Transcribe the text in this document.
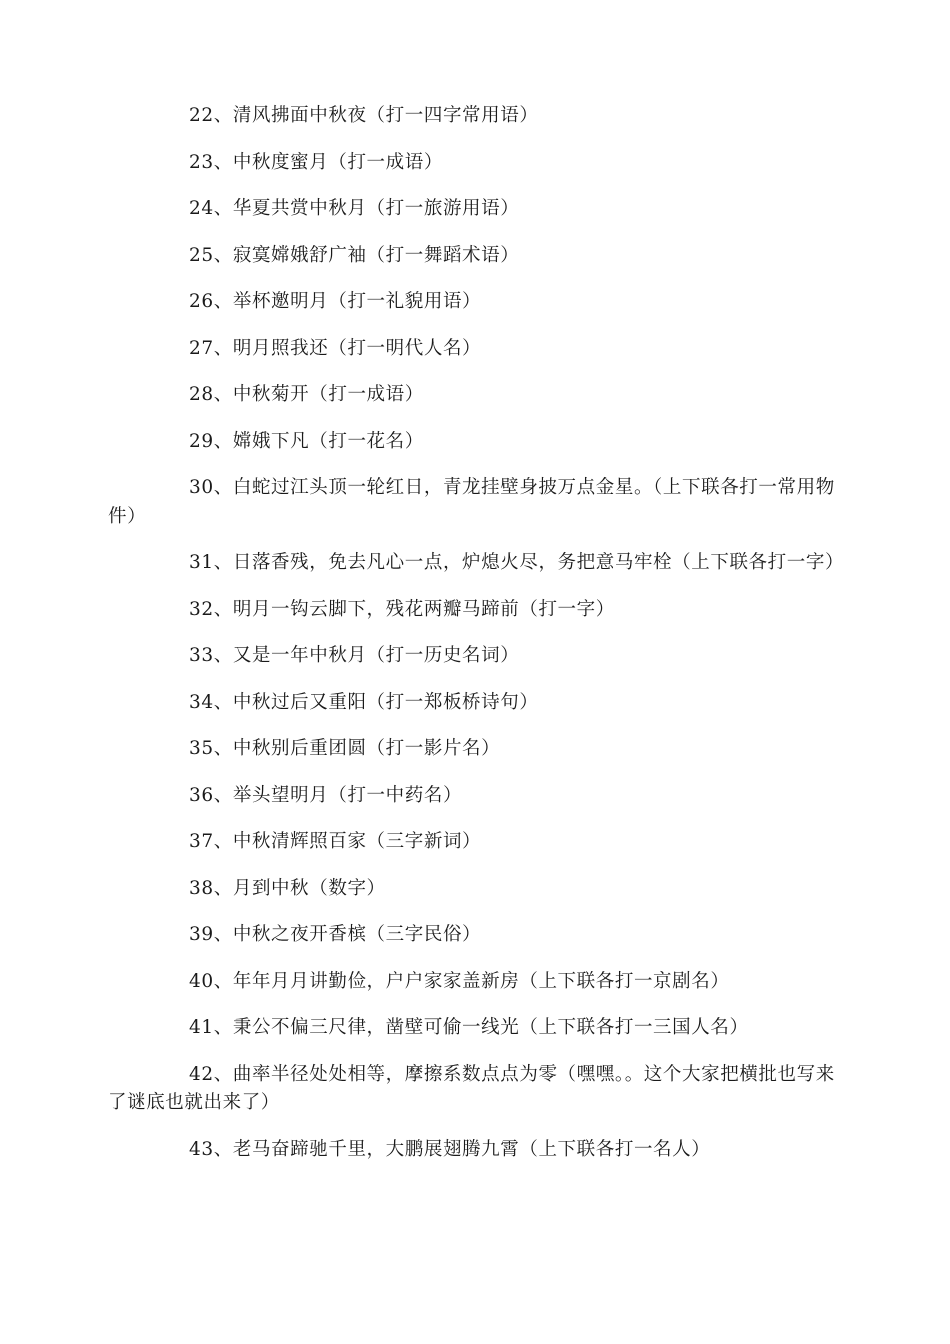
22、清风拂面中秋夜（打一四字常用语）

23、中秋度蜜月（打一成语）

24、华夏共赏中秋月（打一旅游用语）

25、寂寞嫦娥舒广袖（打一舞蹈术语）

26、举杯邀明月（打一礼貌用语）

27、明月照我还（打一明代人名）

28、中秋菊开（打一成语）

29、嫦娥下凡（打一花名）

30、白蛇过江头顶一轮红日，青龙挂壁身披万点金星。（上下联各打一常用物件）

31、日落香残，免去凡心一点，炉熄火尽，务把意马牢栓（上下联各打一字）

32、明月一钩云脚下，残花两瓣马蹄前（打一字）

33、又是一年中秋月（打一历史名词）

34、中秋过后又重阳（打一郑板桥诗句）

35、中秋别后重团圆（打一影片名）

36、举头望明月（打一中药名）

37、中秋清辉照百家（三字新词）

38、月到中秋（数字）

39、中秋之夜开香槟（三字民俗）

40、年年月月讲勤俭，户户家家盖新房（上下联各打一京剧名）

41、秉公不偏三尺律，凿壁可偷一线光（上下联各打一三国人名）

42、曲率半径处处相等，摩擦系数点点为零（嘿嘿。。这个大家把横批也写来了谜底也就出来了）

43、老马奋蹄驰千里，大鹏展翅腾九霄（上下联各打一名人）
